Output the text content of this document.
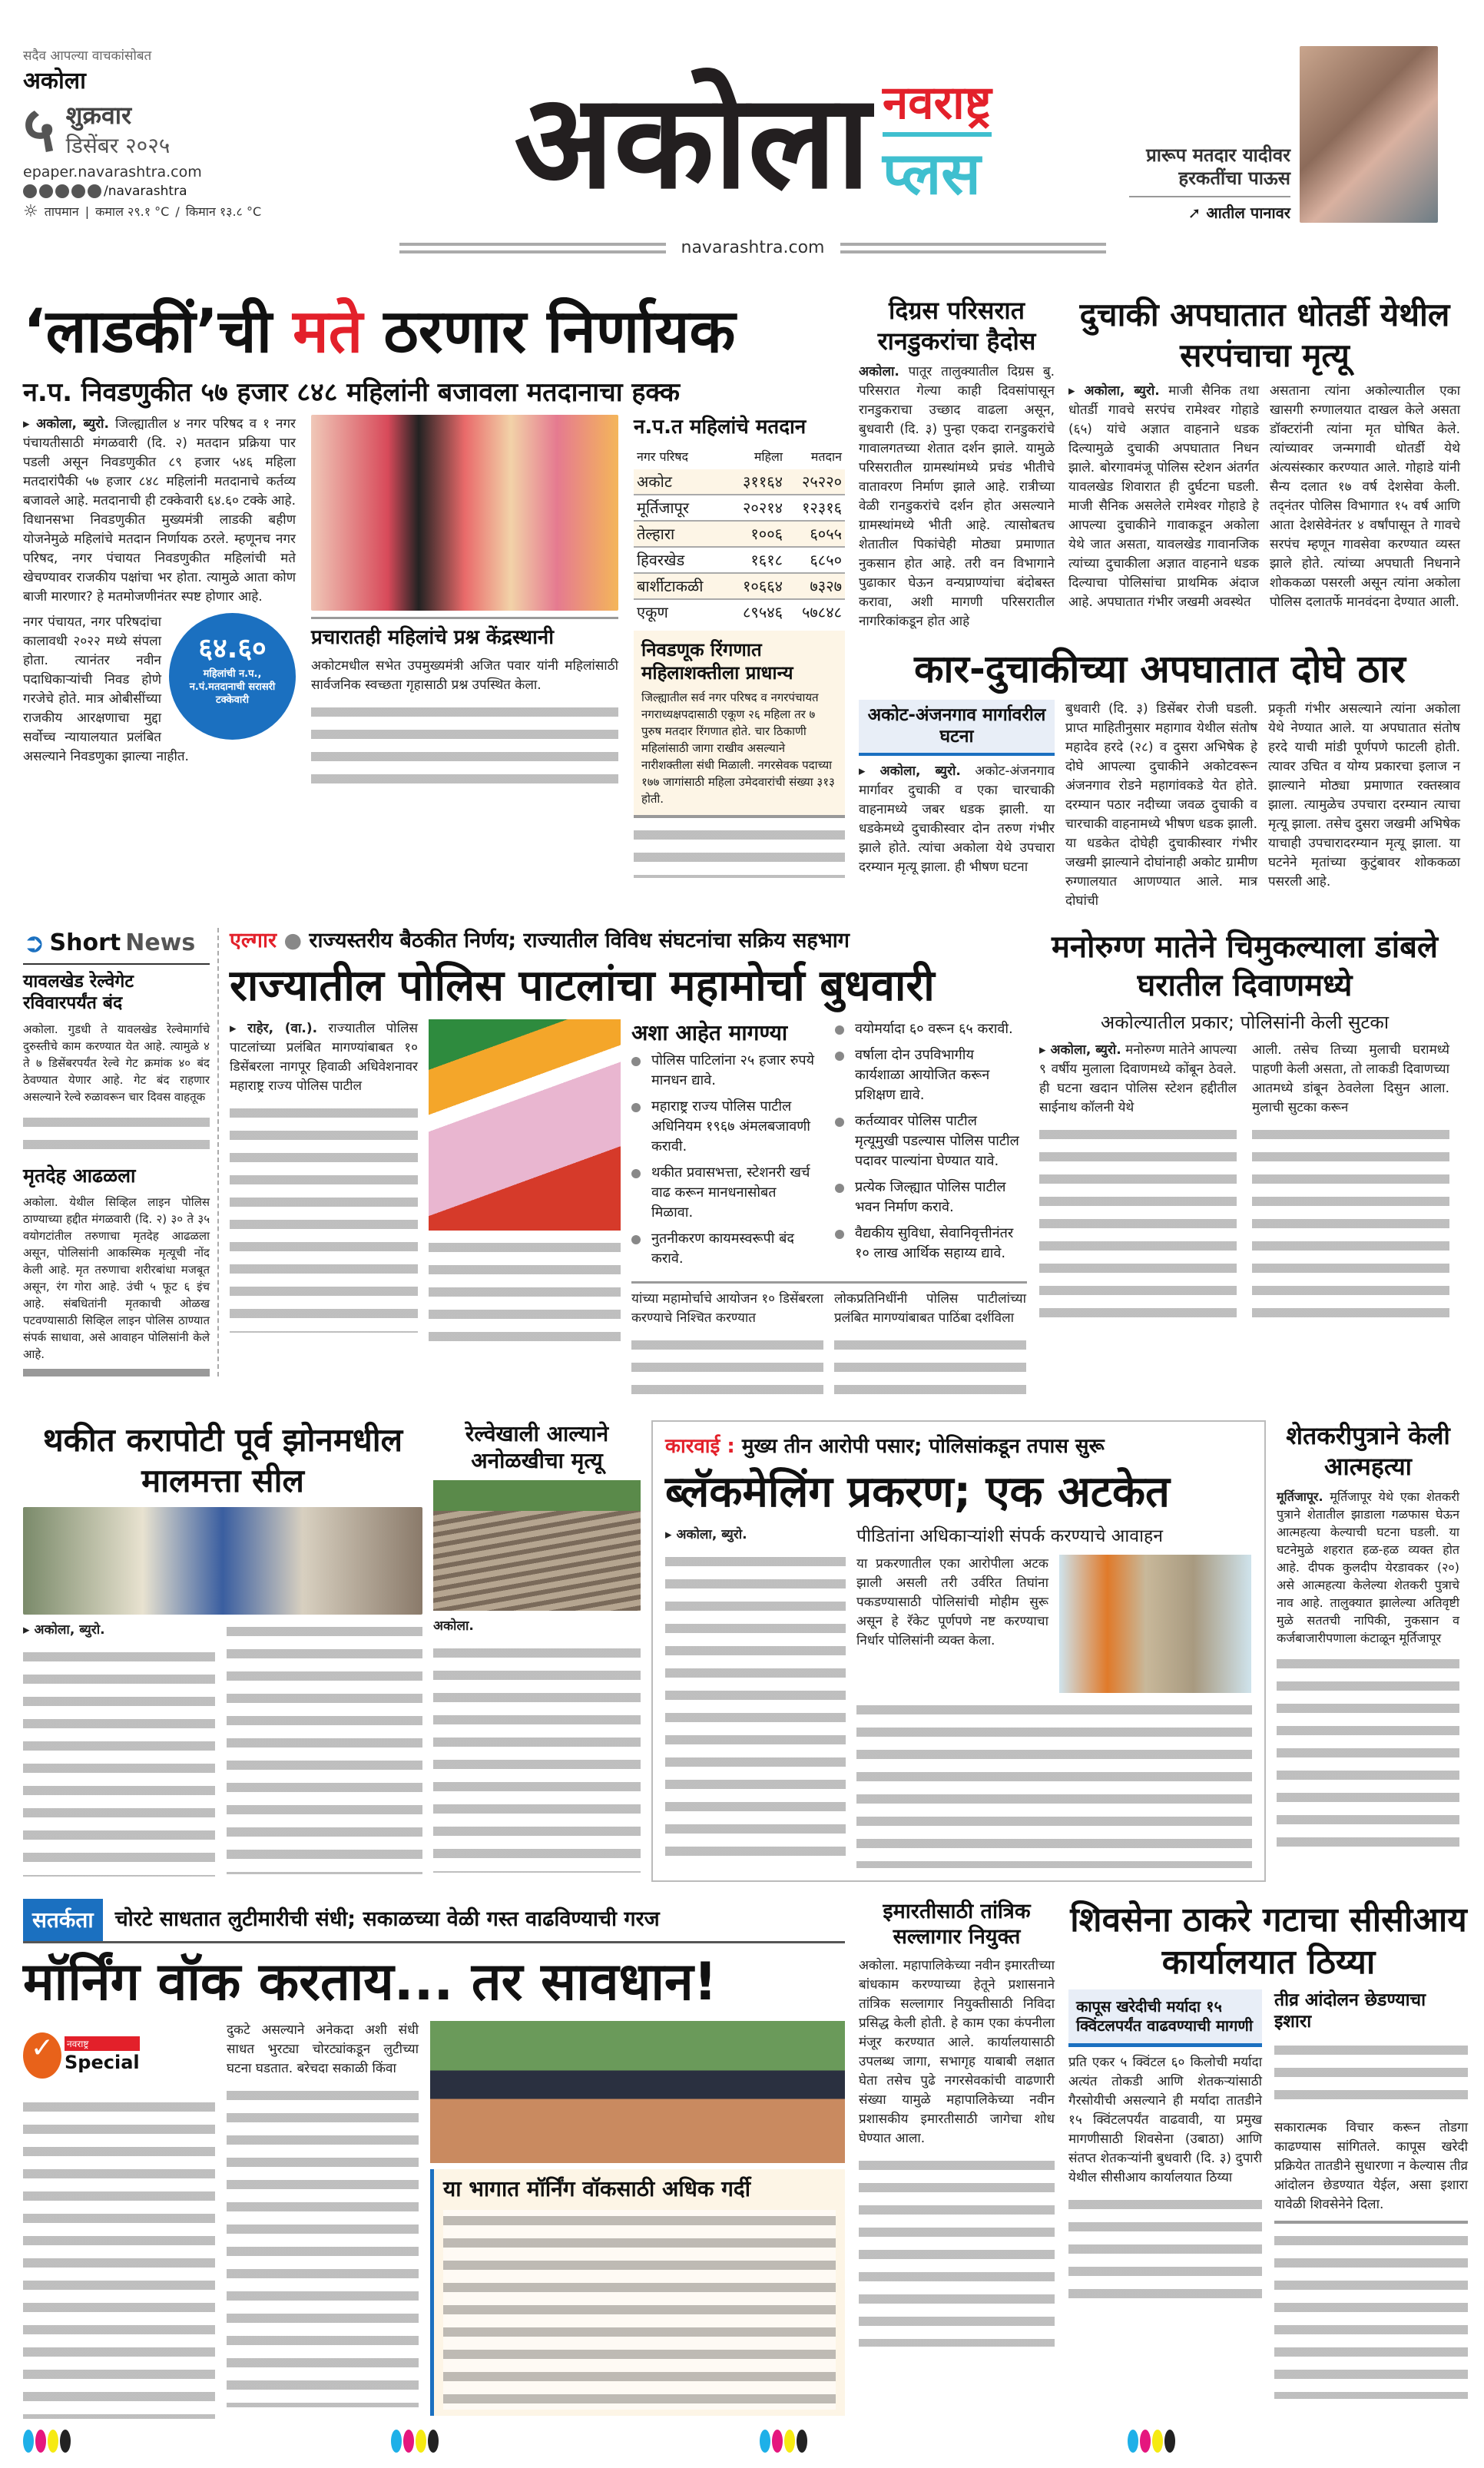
सदैव आपल्या वाचकांसोबत
अकोला
५ शुक्रवार
डिसेंबर २०२५
epaper.navarashtra.com
/navarashtra
☼ तापमान | कमाल २९.१ °C / किमान १३.८ °C अकोला नवराष्ट्र
प्लस
navarashtra.com
प्रारूप मतदार यादीवर हरकतींचा पाऊस
➚ आतील पानावर
‘लाडकीं’ची मते ठरणार निर्णायक
न.प. निवडणुकीत ५७ हजार ८४८ महिलांनी बजावला मतदानाचा हक्क
▸ अकोला, ब्युरो. जिल्ह्यातील ४ नगर परिषद व १ नगर पंचायतीसाठी मंगळवारी (दि. २) मतदान प्रक्रिया पार पडली असून निवडणुकीत ८९ हजार ५४६ महिला मतदारांपैकी ५७ हजार ८४८ महिलांनी मतदानाचे कर्तव्य बजावले आहे. मतदानाची ही टक्केवारी ६४.६० टक्के आहे. विधानसभा निवडणुकीत मुख्यमंत्री लाडकी बहीण योजनेमुळे महिलांचे मतदान निर्णायक ठरले. म्हणूनच नगर परिषद, नगर पंचायत निवडणुकीत महिलांची मते खेचण्यावर राजकीय पक्षांचा भर होता. त्यामुळे आता कोण बाजी मारणार? हे मतमोजणीनंतर स्पष्ट होणार आहे.
६४.६०
महिलांची न.प., न.पं.मतदानाची सरासरी टक्केवारी
नगर पंचायत, नगर परिषदांचा कालावधी २०२२ मध्ये संपला होता. त्यानंतर नवीन पदाधिकाऱ्यांची निवड होणे गरजेचे होते. मात्र ओबीसींच्या राजकीय आरक्षणाचा मुद्दा सर्वोच्च न्यायालयात प्रलंबित असल्याने निवडणुका झाल्या नाहीत.
प्रचारातही महिलांचे प्रश्न केंद्रस्थानी
अकोटमधील सभेत उपमुख्यमंत्री अजित पवार यांनी महिलांसाठी सार्वजनिक स्वच्छता गृहासाठी प्रश्न उपस्थित केला.
न.प.त महिलांचे मतदान
नगर परिषद	महिला	मतदान
अकोट	३११६४	२५२२०
मूर्तिजापूर	२०२१४	१२३१६
तेल्हारा	१००६	६०५५
हिवरखेड	१६१८	६८५०
बार्शीटाकळी	१०६६४	७३२७
एकूण	८९५४६	५७८४८
निवडणूक रिंगणात महिलाशक्तीला प्राधान्य
जिल्ह्यातील सर्व नगर परिषद व नगरपंचायत नगराध्यक्षपदासाठी एकूण २६ महिला तर ७ पुरुष मतदार रिंगणात होते. चार ठिकाणी महिलांसाठी जागा राखीव असल्याने नारीशक्तीला संधी मिळाली. नगरसेवक पदाच्या १७७ जागांसाठी महिला उमेदवारांची संख्या ३१३ होती.
दिग्रस परिसरात रानडुकरांचा हैदोस
अकोला. पातूर तालुक्यातील दिग्रस बु. परिसरात गेल्या काही दिवसांपासून रानडुकराचा उच्छाद वाढला असून, बुधवारी (दि. ३) पुन्हा एकदा रानडुकरांचे गावालगतच्या शेतात दर्शन झाले. यामुळे परिसरातील ग्रामस्थांमध्ये प्रचंड भीतीचे वातावरण निर्माण झाले आहे. रात्रीच्या वेळी रानडुकरांचे दर्शन होत असल्याने ग्रामस्थांमध्ये भीती आहे. त्यासोबतच शेतातील पिकांचेही मोठ्या प्रमाणात नुकसान होत आहे. तरी वन विभागाने पुढाकार घेऊन वन्यप्राण्यांचा बंदोबस्त करावा, अशी मागणी परिसरातील नागरिकांकडून होत आहे
दुचाकी अपघातात धोतर्डी येथील सरपंचाचा मृत्यू
▸ अकोला, ब्युरो. माजी सैनिक तथा धोतर्डी गावचे सरपंच रामेश्वर गोहाडे (६५) यांचे अज्ञात वाहनाने धडक दिल्यामुळे दुचाकी अपघातात निधन झाले. बोरगावमंजू पोलिस स्टेशन अंतर्गत यावलखेड शिवारात ही दुर्घटना घडली. माजी सैनिक असलेले रामेश्वर गोहाडे हे आपल्या दुचाकीने गावाकडून अकोला येथे जात असता, यावलखेड गावानजिक त्यांच्या दुचाकीला अज्ञात वाहनाने धडक दिल्याचा पोलिसांचा प्राथमिक अंदाज आहे. अपघातात गंभीर जखमी अवस्थेत
असताना त्यांना अकोल्यातील एका खासगी रुग्णालयात दाखल केले असता डॉक्टरांनी त्यांना मृत घोषित केले. त्यांच्यावर जन्मगावी धोतर्डी येथे अंत्यसंस्कार करण्यात आले. गोहाडे यांनी सैन्य दलात १७ वर्ष देशसेवा केली. तद्नंतर पोलिस विभागात १५ वर्ष आणि आता देशसेवेनंतर ४ वर्षांपासून ते गावचे सरपंच म्हणून गावसेवा करण्यात व्यस्त झाले होते. त्यांच्या अपघाती निधनाने शोककळा पसरली असून त्यांना अकोला पोलिस दलातर्फे मानवंदना देण्यात आली.
कार-दुचाकीच्या अपघातात दोघे ठार
अकोट-अंजनगाव मार्गावरील घटना
▸ अकोला, ब्युरो. अकोट-अंजनगाव मार्गावर दुचाकी व एका चारचाकी वाहनामध्ये जबर धडक झाली. या धडकेमध्ये दुचाकीस्वार दोन तरुण गंभीर झाले होते. त्यांचा अकोला येथे उपचारा दरम्यान मृत्यू झाला. ही भीषण घटना
बुधवारी (दि. ३) डिसेंबर रोजी घडली. प्राप्त माहितीनुसार महागाव येथील संतोष महादेव हरदे (२८) व दुसरा अभिषेक हे दोघे आपल्या दुचाकीने अकोटवरून अंजनगाव रोडने महागांवकडे येत होते. दरम्यान पठार नदीच्या जवळ दुचाकी व चारचाकी वाहनामध्ये भीषण धडक झाली. या धडकेत दोघेही दुचाकीस्वार गंभीर जखमी झाल्याने दोघांनाही अकोट ग्रामीण रुग्णालयात आणण्यात आले. मात्र दोघांची
प्रकृती गंभीर असल्याने त्यांना अकोला येथे नेण्यात आले. या अपघातात संतोष हरदे याची मांडी पूर्णपणे फाटली होती. त्यावर उचित व योग्य प्रकारचा इलाज न झाल्याने मोठ्या प्रमाणात रक्तस्त्राव झाला. त्यामुळेच उपचारा दरम्यान त्याचा मृत्यू झाला. तसेच दुसरा जखमी अभिषेक याचाही उपचारादरम्यान मृत्यू झाला. या घटनेने मृतांच्या कुटुंबावर शोककळा पसरली आहे.
➲ Short News
यावलखेड रेल्वेगेट रविवारपर्यंत बंद
अकोला. गुडधी ते यावलखेड रेल्वेमार्गाचे दुरुस्तीचे काम करण्यात येत आहे. त्यामुळे ४ ते ७ डिसेंबरपर्यंत रेल्वे गेट क्रमांक ४० बंद ठेवण्यात येणार आहे. गेट बंद राहणार असल्याने रेल्वे रुळावरून चार दिवस वाहतूक
मृतदेह आढळला
अकोला. येथील सिव्हिल लाइन पोलिस ठाण्याच्या हद्दीत मंगळवारी (दि. २) ३० ते ३५ वयोगटांतील तरुणाचा मृतदेह आढळला असून, पोलिसांनी आकस्मिक मृत्यूची नोंद केली आहे. मृत तरुणाचा शरीरबांधा मजबूत असून, रंग गोरा आहे. उंची ५ फूट ६ इंच आहे. संबधितांनी मृतकाची ओळख पटवण्यासाठी सिव्हिल लाइन पोलिस ठाण्यात संपर्क साधावा, असे आवाहन पोलिसांनी केले आहे.
एल्गार ● राज्यस्तरीय बैठकीत निर्णय; राज्यातील विविध संघटनांचा सक्रिय सहभाग
राज्यातील पोलिस पाटलांचा महामोर्चा बुधवारी
▸ राहेर, (वा.). राज्यातील पोलिस पाटलांच्या प्रलंबित मागण्यांबाबत १० डिसेंबरला नागपूर हिवाळी अधिवेशनावर महाराष्ट्र राज्य पोलिस पाटील
अशा आहेत मागण्या
पोलिस पाटिलांना २५ हजार रुपये मानधन द्यावे.
महाराष्ट्र राज्य पोलिस पाटील अधिनियम १९६७ अंमलबजावणी करावी.
थकीत प्रवासभत्ता, स्टेशनरी खर्च वाढ करून मानधनासोबत मिळावा.
नुतनीकरण कायमस्वरूपी बंद करावे.
वयोमर्यादा ६० वरून ६५ करावी.
वर्षाला दोन उपविभागीय कार्यशाळा आयोजित करून प्रशिक्षण द्यावे.
कर्तव्यावर पोलिस पाटील मृत्यूमुखी पडल्यास पोलिस पाटील पदावर पाल्यांना घेण्यात यावे.
प्रत्येक जिल्ह्यात पोलिस पाटील भवन निर्माण करावे.
वैद्यकीय सुविधा, सेवानिवृत्तीनंतर १० लाख आर्थिक सहाय्य द्यावे.
यांच्या महामोर्चाचे आयोजन १० डिसेंबरला करण्याचे निश्चित करण्यात
लोकप्रतिनिधींनी पोलिस पाटीलांच्या प्रलंबित मागण्यांबाबत पाठिंबा दर्शविला
मनोरुग्ण मातेने चिमुकल्याला डांबले घरातील दिवाणमध्ये
अकोल्यातील प्रकार; पोलिसांनी केली सुटका
▸ अकोला, ब्युरो. मनोरुग्ण मातेने आपल्या ९ वर्षीय मुलाला दिवाणमध्ये कोंबून ठेवले. ही घटना खदान पोलिस स्टेशन हद्दीतील साईनाथ कॉलनी येथे
आली. तसेच तिच्या मुलाची घरामध्ये पाहणी केली असता, तो लाकडी दिवाणच्या आतमध्ये डांबून ठेवलेला दिसुन आला. मुलाची सुटका करून
थकीत करापोटी पूर्व झोनमधील मालमत्ता सील
▸ अकोला, ब्युरो.
रेल्वेखाली आल्याने अनोळखीचा मृत्यू
अकोला.
कारवाई : मुख्य तीन आरोपी पसार; पोलिसांकडून तपास सुरू
ब्लॅकमेलिंग प्रकरण; एक अटकेत
▸ अकोला, ब्युरो.	पीडितांना अधिकाऱ्यांशी संपर्क करण्याचे आवाहन
या प्रकरणातील एका आरोपीला अटक झाली असली तरी उर्वरित तिघांना पकडण्यासाठी पोलिसांची मोहीम सुरू असून हे रॅकेट पूर्णपणे नष्ट करण्याचा निर्धार पोलिसांनी व्यक्त केला.
शेतकरीपुत्राने केली आत्महत्या
मूर्तिजापूर. मूर्तिजापूर येथे एका शेतकरी पुत्राने शेतातील झाडाला गळफास घेऊन आत्महत्या केल्याची घटना घडली. या घटनेमुळे शहरात हळ-हळ व्यक्त होत आहे. दीपक कुलदीप येरडावकर (२०) असे आत्महत्या केलेल्या शेतकरी पुत्राचे नाव आहे. तालुक्यात झालेल्या अतिवृष्टी मुळे सततची नापिकी, नुकसान व कर्जबाजारीपणाला कंटाळून मूर्तिजापूर
सतर्कता	चोरटे साधतात लुटीमारीची संधी; सकाळच्या वेळी गस्त वाढविण्याची गरज
मॉर्निंग वॉक करताय... तर सावधान!
✓	नवराष्ट्र
Special
दुकटे असल्याने अनेकदा अशी संधी साधत भुरट्या चोरट्यांकडून लुटीच्या घटना घडतात. बरेचदा सकाळी किंवा
या भागात मॉर्निंग वॉकसाठी अधिक गर्दी
इमारतीसाठी तांत्रिक सल्लागार नियुक्त
अकोला. महापालिकेच्या नवीन इमारतीच्या बांधकाम करण्याच्या हेतूने प्रशासनाने तांत्रिक सल्लागार नियुक्तीसाठी निविदा प्रसिद्ध केली होती. हे काम एका कंपनीला मंजूर करण्यात आले. कार्यालयासाठी उपलब्ध जागा, सभागृह याबाबी लक्षात घेता तसेच पुढे नगरसेवकांची वाढणारी संख्या यामुळे महापालिकेच्या नवीन प्रशासकीय इमारतीसाठी जागेचा शोध घेण्यात आला.
शिवसेना ठाकरे गटाचा सीसीआय कार्यालयात ठिय्या
कापूस खरेदीची मर्यादा १५ क्विंटलपर्यंत वाढवण्याची मागणी
प्रति एकर ५ क्विंटल ६० किलोची मर्यादा अत्यंत तोकडी आणि शेतकऱ्यांसाठी गैरसोयीची असल्याने ही मर्यादा तातडीने १५ क्विंटलपर्यंत वाढवावी, या प्रमुख मागणीसाठी शिवसेना (उबाठा) आणि संतप्त शेतकऱ्यांनी बुधवारी (दि. ३) दुपारी येथील सीसीआय कार्यालयात ठिय्या
तीव्र आंदोलन छेडण्याचा इशारा
सकारात्मक विचार करून तोडगा काढण्यास सांगितले. कापूस खरेदी प्रक्रियेत तातडीने सुधारणा न केल्यास तीव्र आंदोलन छेडण्यात येईल, असा इशारा यावेळी शिवसेनेने दिला.
